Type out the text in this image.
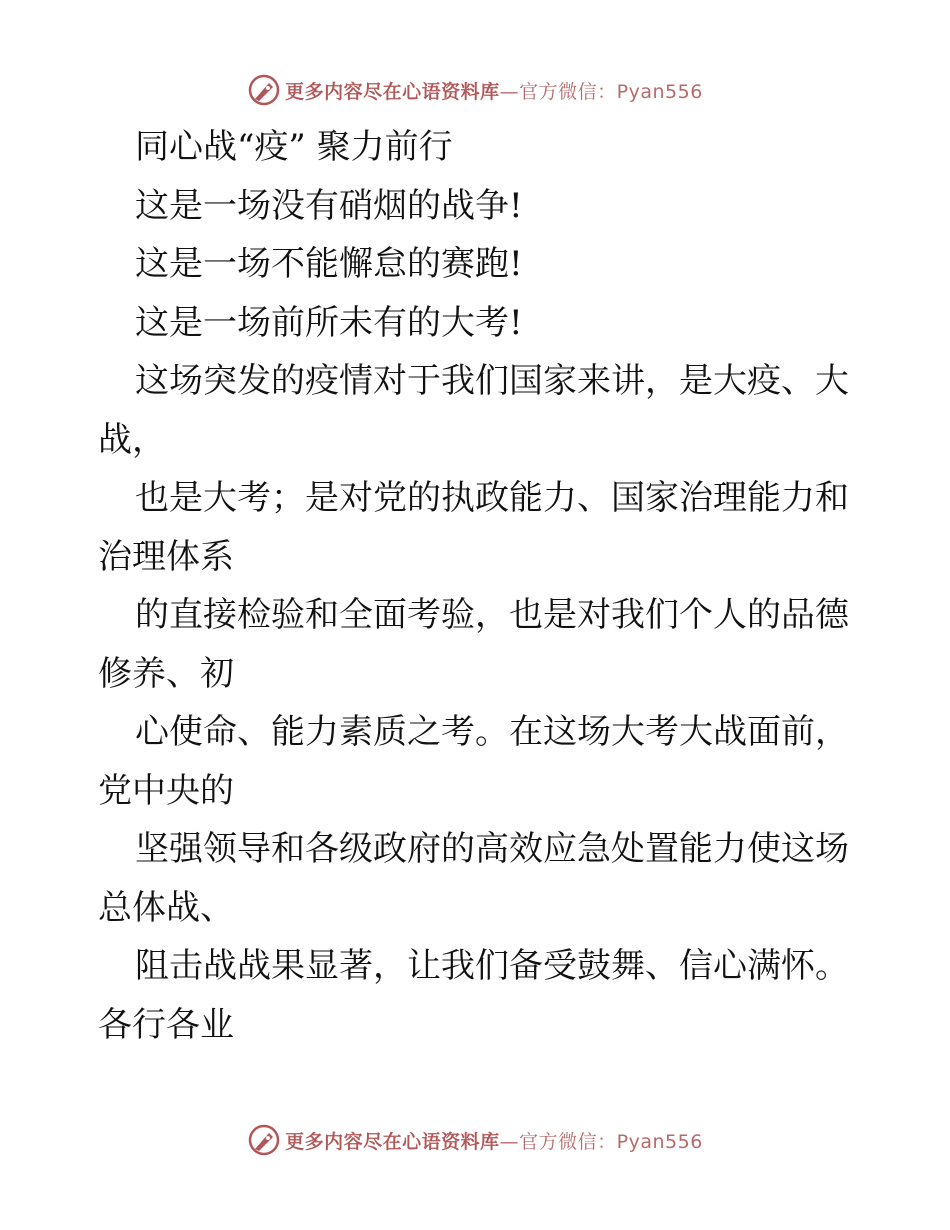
更多内容尽在心语资料库—官方微信：Pyan556
同心战“疫” 聚力前行
这是一场没有硝烟的战争!
这是一场不能懈怠的赛跑!
这是一场前所未有的大考!
这场突发的疫情对于我们国家来讲，是大疫、大
战，
也是大考；是对党的执政能力、国家治理能力和
治理体系
的直接检验和全面考验，也是对我们个人的品德
修养、初
心使命、能力素质之考。在这场大考大战面前，
党中央的
坚强领导和各级政府的高效应急处置能力使这场
总体战、
阻击战战果显著，让我们备受鼓舞、信心满怀。
各行各业
更多内容尽在心语资料库—官方微信：Pyan556
